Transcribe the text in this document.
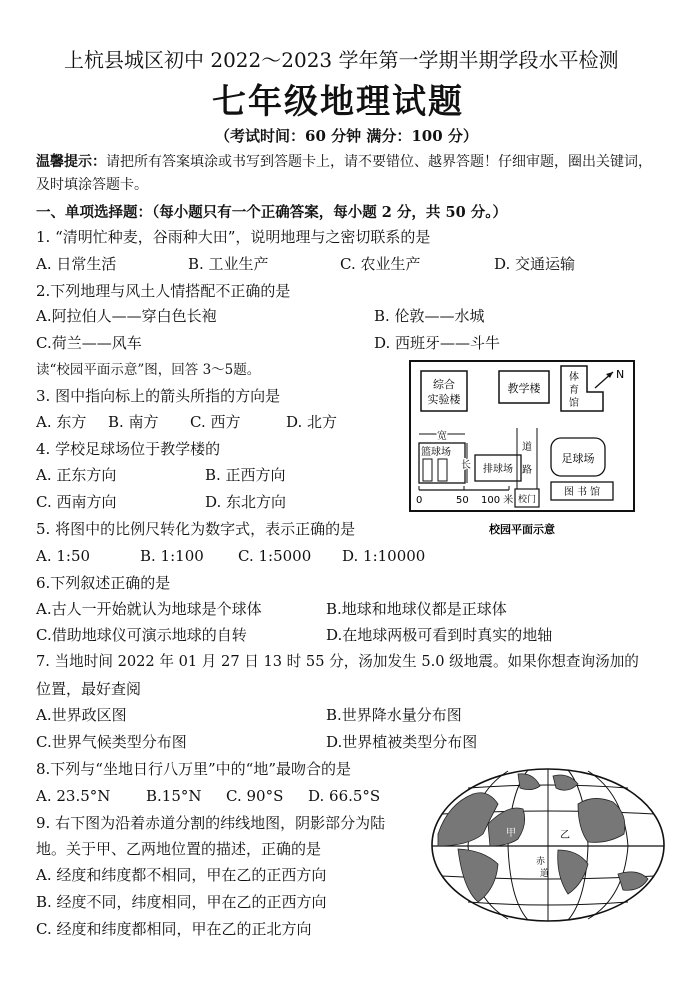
上杭县城区初中 2022～2023 学年第一学期半期学段水平检测
七年级地理试题
（考试时间：60 分钟 满分：100 分）
温馨提示：请把所有答案填涂或书写到答题卡上，请不要错位、越界答题！仔细审题，圈出关键词，及时填涂答题卡。
一、单项选择题：（每小题只有一个正确答案，每小题 2 分，共 50 分。）
1. “清明忙种麦，谷雨种大田”，说明地理与之密切联系的是
A. 日常生活	B. 工业生产	C. 农业生产	D. 交通运输
2.下列地理与风土人情搭配不正确的是
A.阿拉伯人——穿白色长袍	B. 伦敦——水城
C.荷兰——风车	D. 西班牙——斗牛
读“校园平面示意”图，回答 3～5题。
3. 图中指向标上的箭头所指的方向是
A. 东方 B. 南方 C. 西方	D. 北方
4. 学校足球场位于教学楼的
A. 正东方向	B. 正西方向
C. 西南方向	D. 东北方向
5. 将图中的比例尺转化为数字式，表示正确的是
A. 1:50	B. 1:100 C. 1:5000 D. 1:10000
6.下列叙述正确的是
A.古人一开始就认为地球是个球体	B.地球和地球仪都是正球体
C.借助地球仪可演示地球的自转	D.在地球两极可看到时真实的地轴
7. 当地时间 2022 年 01 月 27 日 13 时 55 分，汤加发生 5.0 级地震。如果你想查询汤加的
位置，最好查阅
A.世界政区图	B.世界降水量分布图
C.世界气候类型分布图	D.世界植被类型分布图
8.下列与“坐地日行八万里”中的“地”最吻合的是
A. 23.5°N B.15°N C. 90°S D. 66.5°S
9. 右下图为沿着赤道分割的纬线地图，阴影部分为陆
地。关于甲、乙两地位置的描述，正确的是
A. 经度和纬度都不相同，甲在乙的正西方向
B. 经度不同，纬度相同，甲在乙的正西方向
C. 经度和纬度都相同，甲在乙的正北方向
综合
实验楼
教学楼
体
育
馆
N
篮球场
宽
长 排球场
道
路
足球场
图 书 馆
校门
0	50 100 米
校园平面示意
甲	乙
赤
道
